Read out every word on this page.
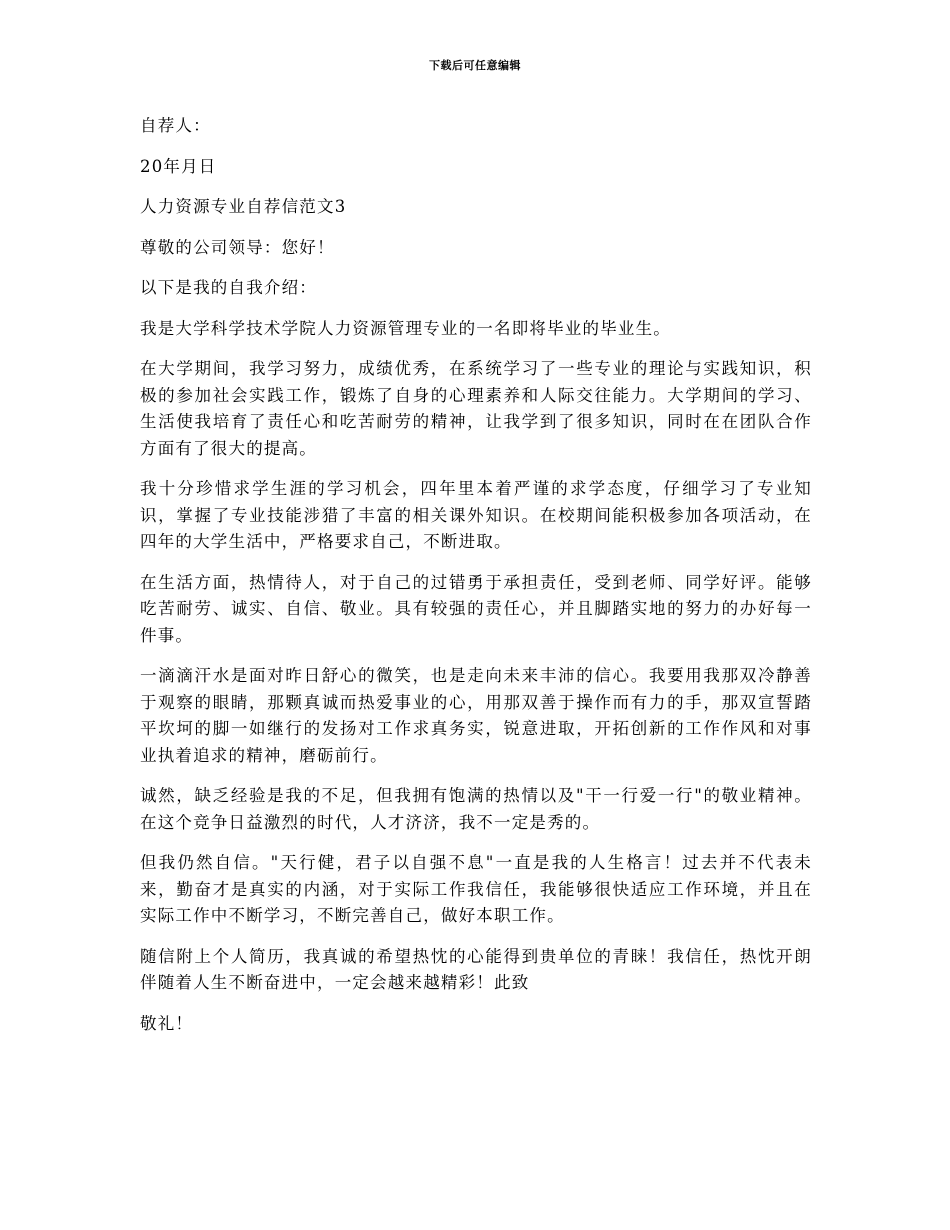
下载后可任意编辑

自荐人：

20年月日

人力资源专业自荐信范文3

尊敬的公司领导：您好！

以下是我的自我介绍：

我是大学科学技术学院人力资源管理专业的一名即将毕业的毕业生。

在大学期间，我学习努力，成绩优秀，在系统学习了一些专业的理论与实践知识，积极的参加社会实践工作，锻炼了自身的心理素养和人际交往能力。大学期间的学习、生活使我培育了责任心和吃苦耐劳的精神，让我学到了很多知识，同时在在团队合作方面有了很大的提高。

我十分珍惜求学生涯的学习机会，四年里本着严谨的求学态度，仔细学习了专业知识，掌握了专业技能涉猎了丰富的相关课外知识。在校期间能积极参加各项活动，在四年的大学生活中，严格要求自己，不断进取。

在生活方面，热情待人，对于自己的过错勇于承担责任，受到老师、同学好评。能够吃苦耐劳、诚实、自信、敬业。具有较强的责任心，并且脚踏实地的努力的办好每一件事。

一滴滴汗水是面对昨日舒心的微笑，也是走向未来丰沛的信心。我要用我那双冷静善于观察的眼睛，那颗真诚而热爱事业的心，用那双善于操作而有力的手，那双宣誓踏平坎坷的脚一如继行的发扬对工作求真务实，锐意进取，开拓创新的工作作风和对事业执着追求的精神，磨砺前行。

诚然，缺乏经验是我的不足，但我拥有饱满的热情以及"干一行爱一行"的敬业精神。在这个竞争日益激烈的时代，人才济济，我不一定是秀的。

但我仍然自信。"天行健，君子以自强不息"一直是我的人生格言！过去并不代表未来，勤奋才是真实的内涵，对于实际工作我信任，我能够很快适应工作环境，并且在实际工作中不断学习，不断完善自己，做好本职工作。

随信附上个人简历，我真诚的希望热忱的心能得到贵单位的青睐！我信任，热忱开朗伴随着人生不断奋进中，一定会越来越精彩！此致

敬礼！
